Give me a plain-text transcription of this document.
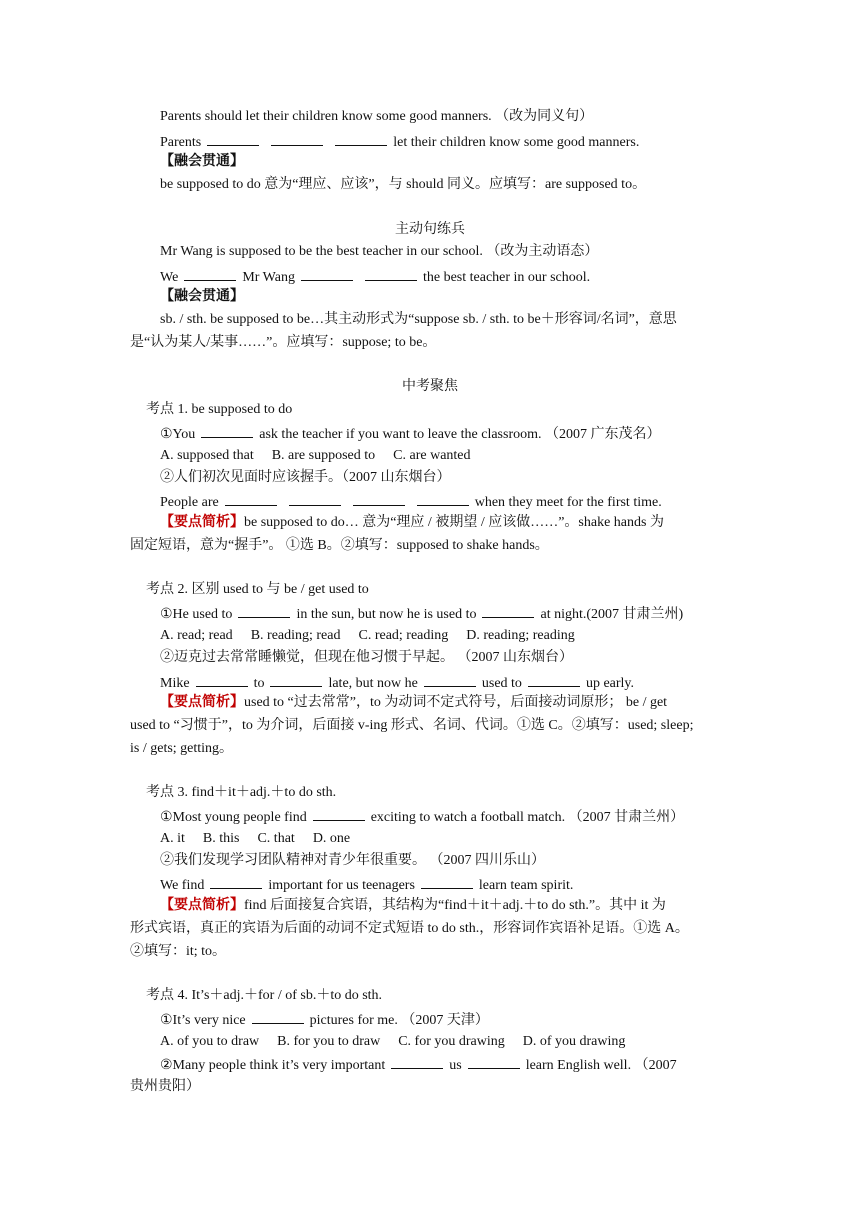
Parents should let their children know some good manners. （改为同义句）
Parents	let their children know some good manners.
【融会贯通】
be supposed to do 意为“理应、应该”，与 should 同义。应填写：are supposed to。
主动句练兵
Mr Wang is supposed to be the best teacher in our school. （改为主动语态）
We	Mr Wang	the best teacher in our school.
【融会贯通】
sb. / sth. be supposed to be…其主动形式为“suppose sb. / sth. to be＋形容词/名词”，意思
是“认为某人/某事……”。应填写：suppose; to be。
中考聚焦
考点 1. be supposed to do
①You	ask the teacher if you want to leave the classroom. （2007 广东茂名）
A. supposed that B. are supposed to C. are wanted
②人们初次见面时应该握手。（2007 山东烟台）
People are	when they meet for the first time.
【要点简析】be supposed to do… 意为“理应 / 被期望 / 应该做……”。shake hands 为
固定短语，意为“握手”。 ①选 B。②填写：supposed to shake hands。
考点 2. 区别 used to 与 be / get used to
①He used to	in the sun, but now he is used to	at night.(2007 甘肃兰州)
A. read; read B. reading; read C. read; reading D. reading; reading
②迈克过去常常睡懒觉，但现在他习惯于早起。 （2007 山东烟台）
Mike	to	late, but now he	used to	up early.
【要点简析】used to “过去常常”，to 为动词不定式符号，后面接动词原形； be / get
used to “习惯于”，to 为介词，后面接 v-ing 形式、名词、代词。①选 C。②填写：used; sleep;
is / gets; getting。
考点 3. find＋it＋adj.＋to do sth.
①Most young people find	exciting to watch a football match. （2007 甘肃兰州）
A. it B. this C. that D. one
②我们发现学习团队精神对青少年很重要。 （2007 四川乐山）
We find	important for us teenagers	learn team spirit.
【要点简析】find 后面接复合宾语，其结构为“find＋it＋adj.＋to do sth.”。其中 it 为
形式宾语，真正的宾语为后面的动词不定式短语 to do sth.，形容词作宾语补足语。①选 A。
②填写：it; to。
考点 4. It’s＋adj.＋for / of sb.＋to do sth.
①It’s very nice	pictures for me. （2007 天津）
A. of you to draw B. for you to draw C. for you drawing D. of you drawing
②Many people think it’s very important	us	learn English well. （2007
贵州贵阳）
